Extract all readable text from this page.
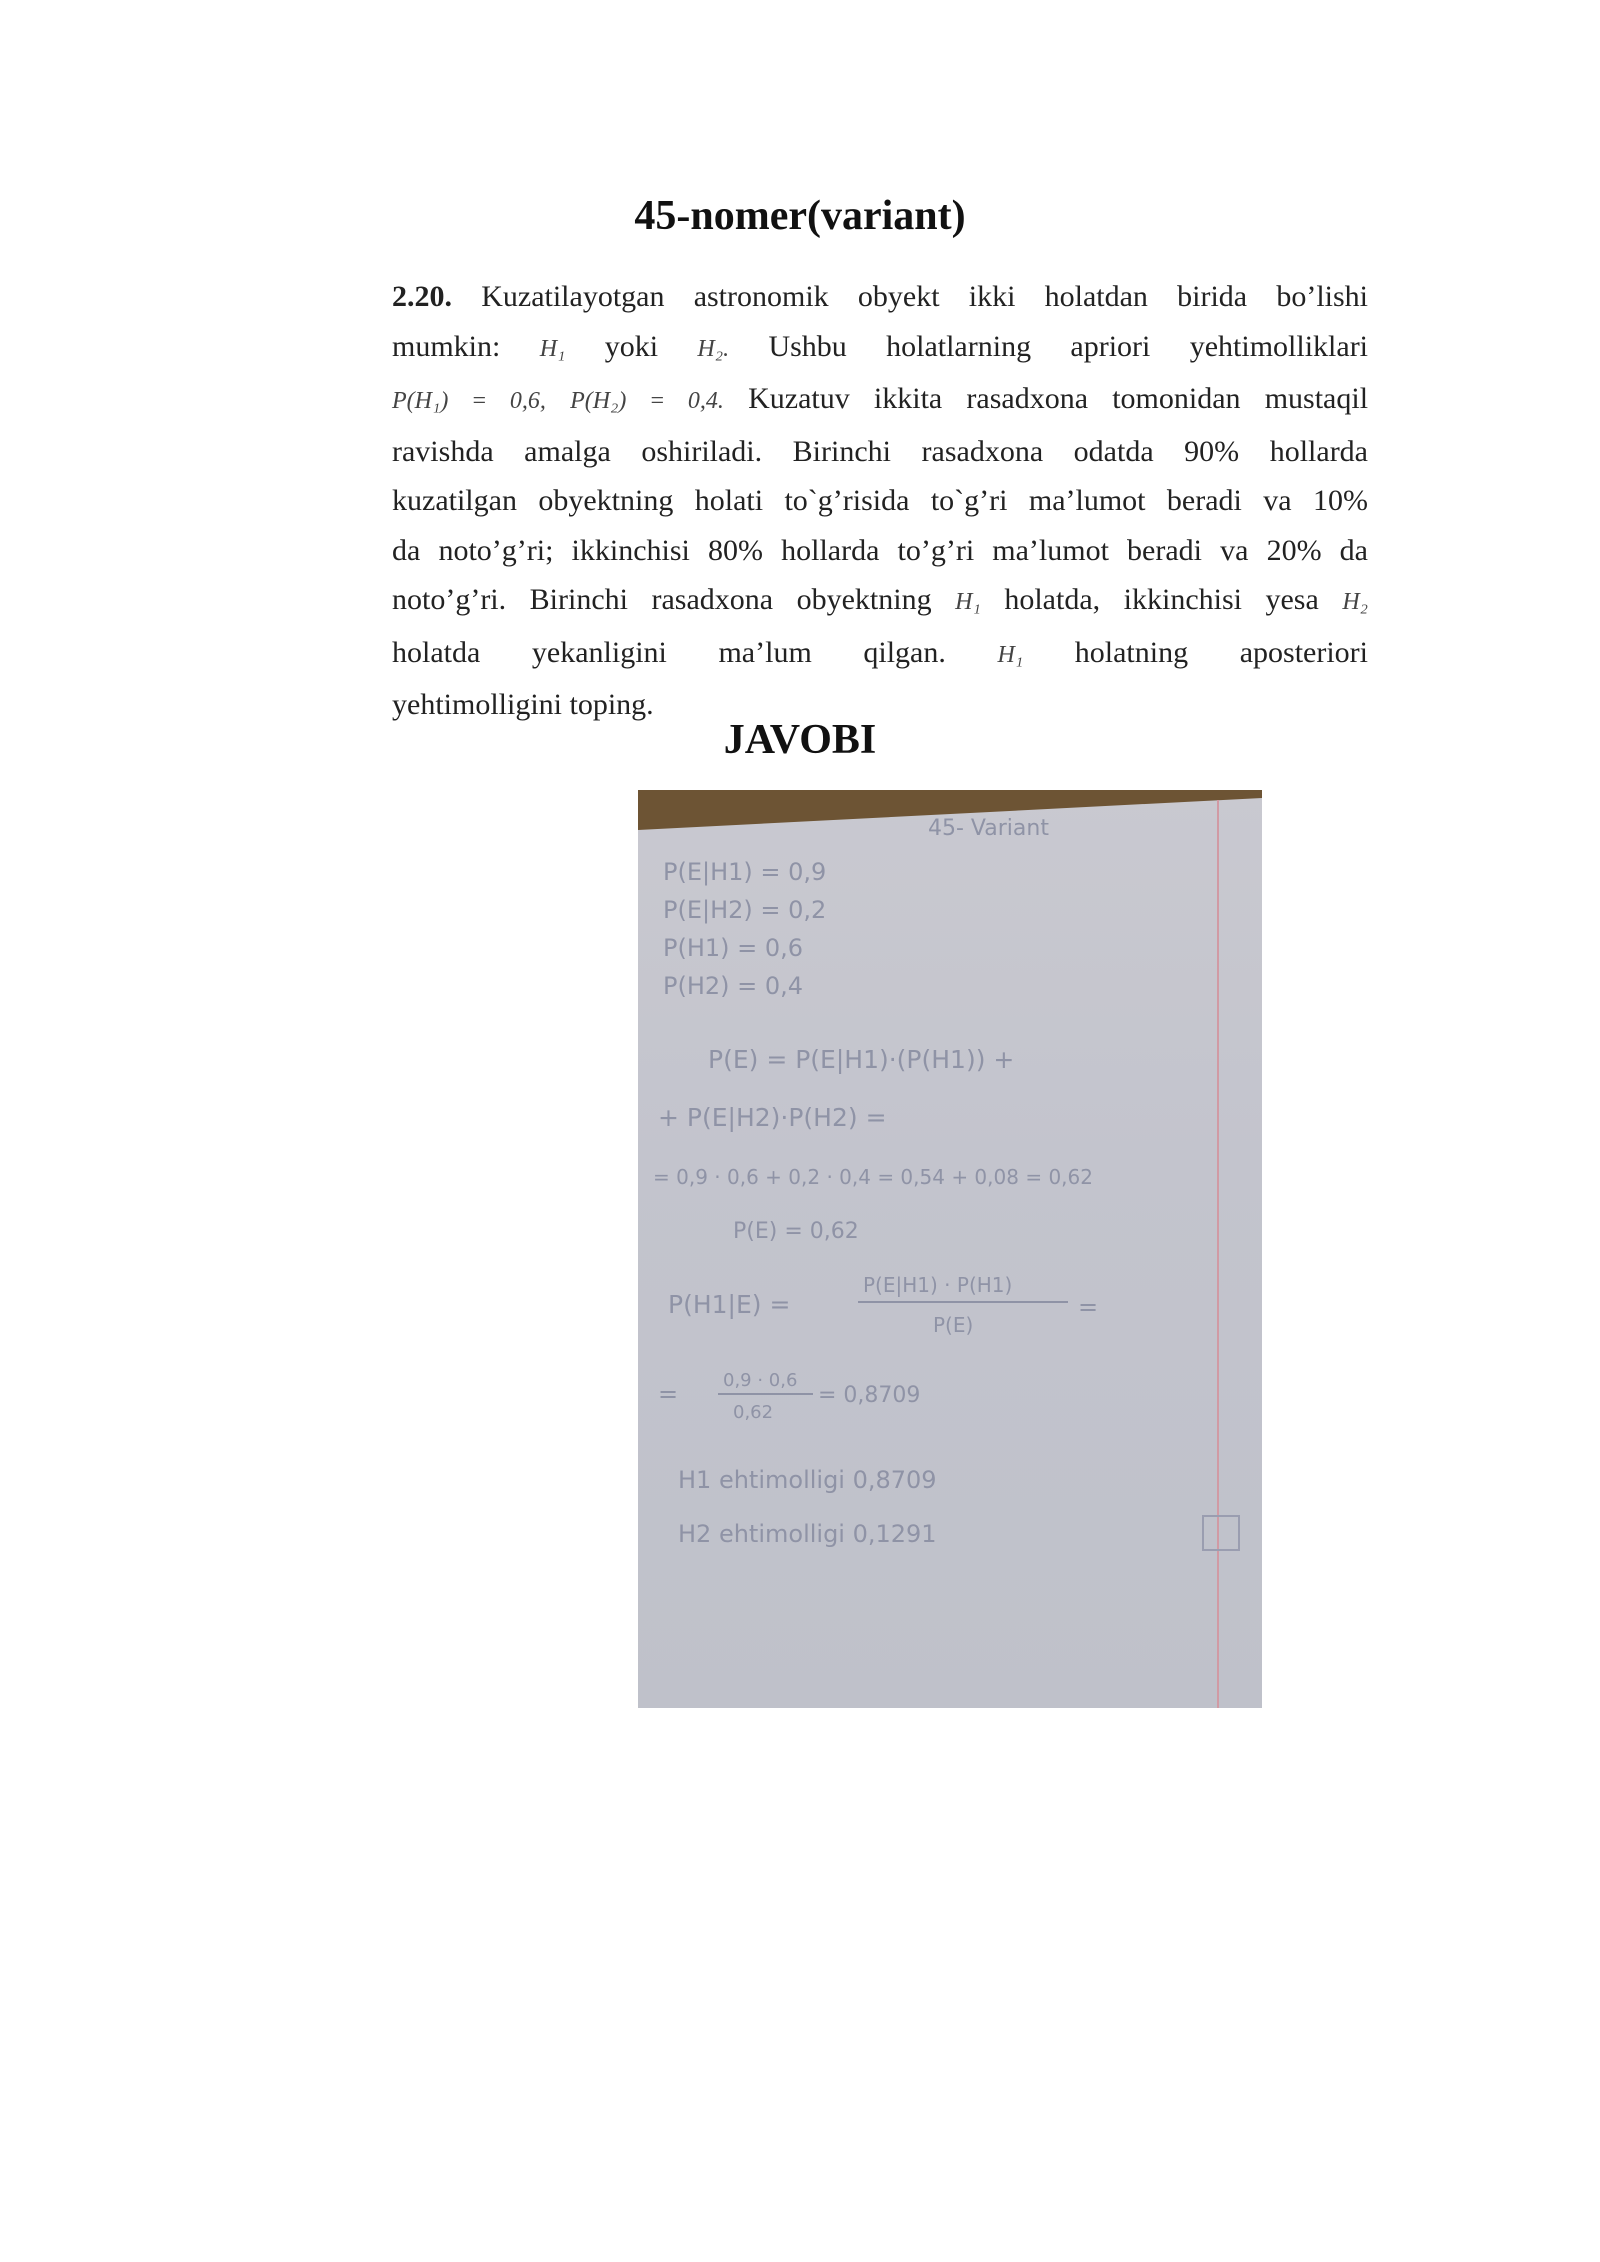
45-nomer(variant)
2.20. Kuzatilayotgan astronomik obyekt ikki holatdan birida bo’lishi
mumkin: H₁ yoki H₂. Ushbu holatlarning apriori yehtimolliklari
P(H₁) = 0,6, P(H₂) = 0,4. Kuzatuv ikkita rasadxona tomonidan mustaqil
ravishda amalga oshiriladi. Birinchi rasadxona odatda 90% hollarda
kuzatilgan obyektning holati to`g’risida to`g’ri ma’lumot beradi va 10%
da noto’g’ri; ikkinchisi 80% hollarda to’g’ri ma’lumot beradi va 20% da
noto’g’ri. Birinchi rasadxona obyektning H₁ holatda, ikkinchisi yesa H₂
holatda yekanligini ma’lum qilgan. H₁ holatning aposteriori
yehtimolligini toping.
JAVOBI
45- Variant
P(E|H1) = 0,9
P(E|H2) = 0,2
P(H1) = 0,6
P(H2) = 0,4
P(E) = P(E|H1)·(P(H1)) +
+ P(E|H2)·P(H2) =
= 0,9 · 0,6 + 0,2 · 0,4 = 0,54 + 0,08 = 0,62
P(E) = 0,62
P(H1|E) =
P(E|H1) · P(H1)
P(E)
=
= 0,9 · 0,6
0,62
= 0,8709
H1 ehtimolligi 0,8709
H2 ehtimolligi 0,1291
